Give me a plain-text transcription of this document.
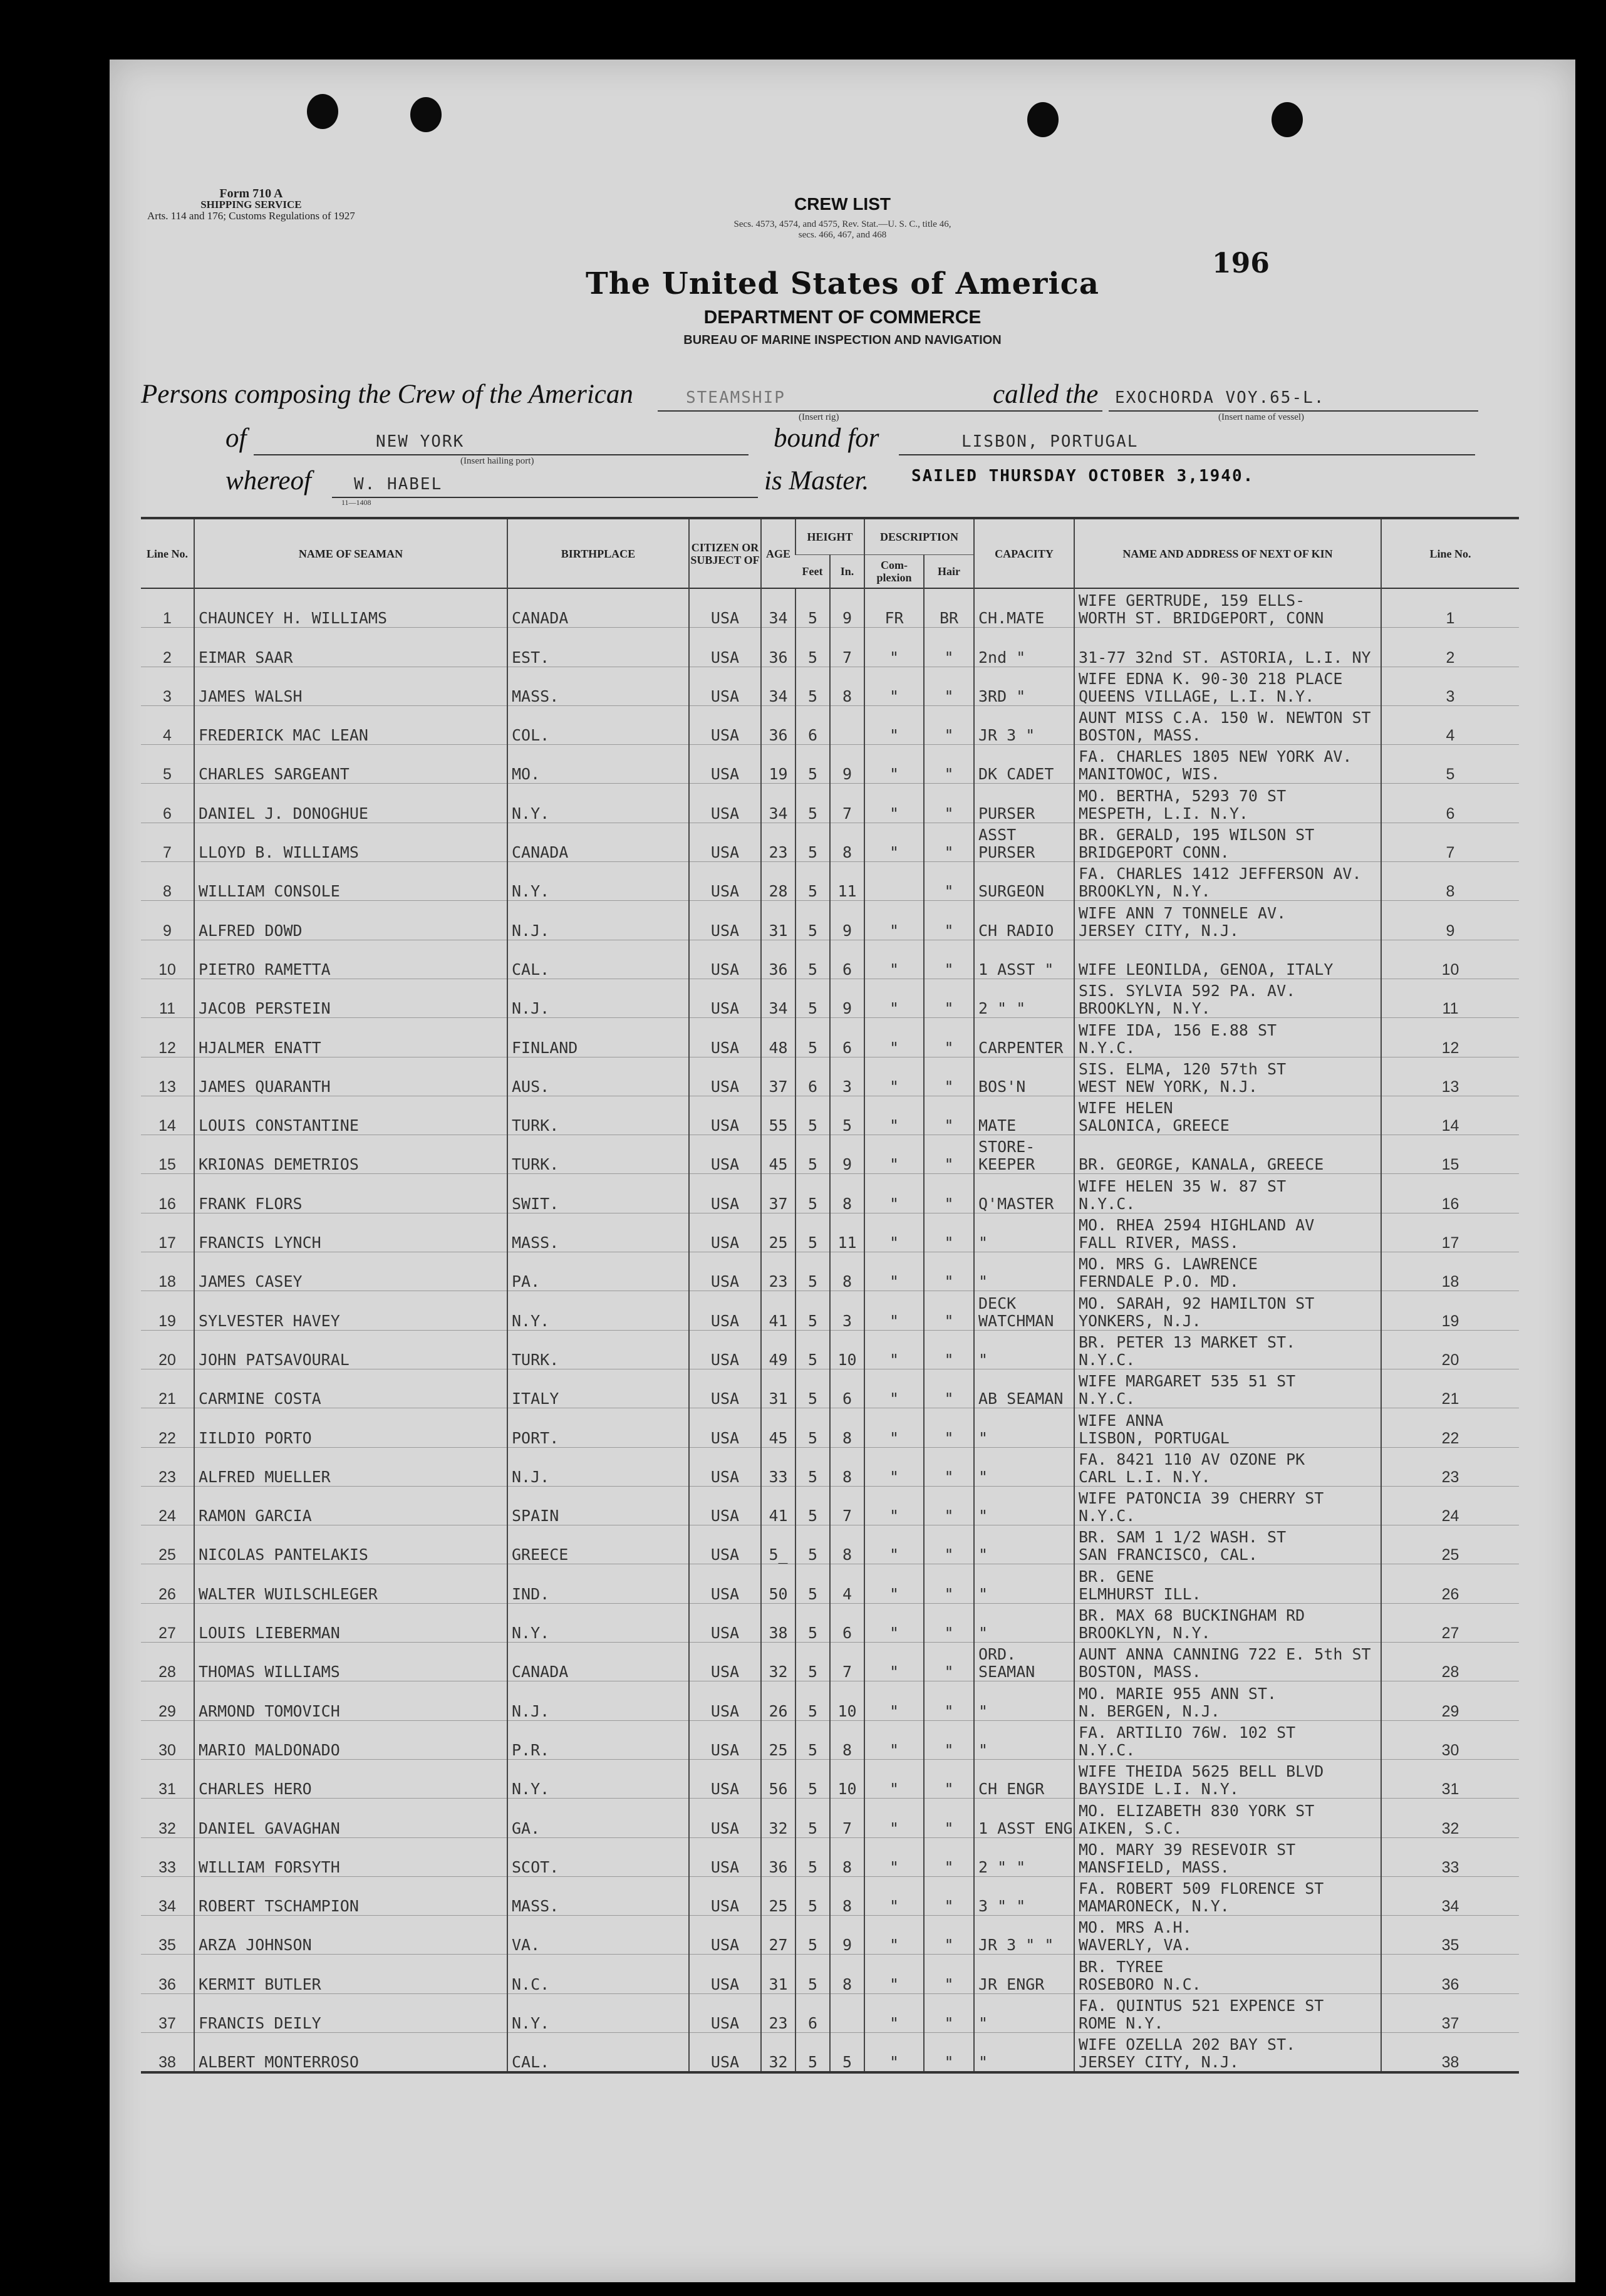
Form 710 A
SHIPPING SERVICE
Arts. 114 and 176; Customs Regulations of 1927
CREW LIST
Secs. 4573, 4574, and 4575, Rev. Stat.—U. S. C., title 46,
secs. 466, 467, and 468
The United States of America
DEPARTMENT OF COMMERCE
BUREAU OF MARINE INSPECTION AND NAVIGATION
196
Persons composing the Crew of the American	STEAMSHIP
(Insert rig)
called the EXOCHORDA VOY.65-L.
(Insert name of vessel)
of	NEW YORK
(Insert hailing port)
bound for	LISBON, PORTUGAL
whereof	W. HABEL	is Master.	SAILED THURSDAY OCTOBER 3,1940.
11—1408
Line No.	NAME OF SEAMAN	BIRTHPLACE	CITIZEN OR SUBJECT OF	AGE	HEIGHT		DESCRIPTION		CAPACITY	NAME AND ADDRESS OF NEXT OF KIN	Line No.
					Feet	In.	Com-plexion	Hair			
1	CHAUNCEY H. WILLIAMS	CANADA	USA	34	5	9	FR	BR	CH.MATE	WIFE GERTRUDE, 159 ELLS-
WORTH ST. BRIDGEPORT, CONN	1
2	EIMAR SAAR	EST.	USA	36	5	7	"	"	2nd "	31-77 32nd ST. ASTORIA, L.I. NY	2
3	JAMES WALSH	MASS.	USA	34	5	8	"	"	3RD "	WIFE EDNA K. 90-30 218 PLACE
QUEENS VILLAGE, L.I. N.Y.	3
4	FREDERICK MAC LEAN	COL.	USA	36	6		"	"	JR 3 "	AUNT MISS C.A. 150 W. NEWTON ST
BOSTON, MASS.	4
5	CHARLES SARGEANT	MO.	USA	19	5	9	"	"	DK CADET	FA. CHARLES 1805 NEW YORK AV.
MANITOWOC, WIS.	5
6	DANIEL J. DONOGHUE	N.Y.	USA	34	5	7	"	"	PURSER	MO. BERTHA, 5293 70 ST
MESPETH, L.I. N.Y.	6
7	LLOYD B. WILLIAMS	CANADA	USA	23	5	8	"	"	ASST
PURSER	BR. GERALD, 195 WILSON ST
BRIDGEPORT CONN.	7
8	WILLIAM CONSOLE	N.Y.	USA	28	5	11		"	SURGEON	FA. CHARLES 1412 JEFFERSON AV.
BROOKLYN, N.Y.	8
9	ALFRED DOWD	N.J.	USA	31	5	9	"	"	CH RADIO	WIFE ANN 7 TONNELE AV.
JERSEY CITY, N.J.	9
10	PIETRO RAMETTA	CAL.	USA	36	5	6	"	"	1 ASST "	WIFE LEONILDA, GENOA, ITALY	10
11	JACOB PERSTEIN	N.J.	USA	34	5	9	"	"	2 " "	SIS. SYLVIA 592 PA. AV.
BROOKLYN, N.Y.	11
12	HJALMER ENATT	FINLAND	USA	48	5	6	"	"	CARPENTER	WIFE IDA, 156 E.88 ST
N.Y.C.	12
13	JAMES QUARANTH	AUS.	USA	37	6	3	"	"	BOS'N	SIS. ELMA, 120 57th ST
WEST NEW YORK, N.J.	13
14	LOUIS CONSTANTINE	TURK.	USA	55	5	5	"	"	MATE	WIFE HELEN
SALONICA, GREECE	14
15	KRIONAS DEMETRIOS	TURK.	USA	45	5	9	"	"	STORE-
KEEPER	BR. GEORGE, KANALA, GREECE	15
16	FRANK FLORS	SWIT.	USA	37	5	8	"	"	Q'MASTER	WIFE HELEN 35 W. 87 ST
N.Y.C.	16
17	FRANCIS LYNCH	MASS.	USA	25	5	11	"	"	"	MO. RHEA 2594 HIGHLAND AV
FALL RIVER, MASS.	17
18	JAMES CASEY	PA.	USA	23	5	8	"	"	"	MO. MRS G. LAWRENCE
FERNDALE P.O. MD.	18
19	SYLVESTER HAVEY	N.Y.	USA	41	5	3	"	"	DECK
WATCHMAN	MO. SARAH, 92 HAMILTON ST
YONKERS, N.J.	19
20	JOHN PATSAVOURAL	TURK.	USA	49	5	10	"	"	"	BR. PETER 13 MARKET ST.
N.Y.C.	20
21	CARMINE COSTA	ITALY	USA	31	5	6	"	"	AB SEAMAN	WIFE MARGARET 535 51 ST
N.Y.C.	21
22	IILDIO PORTO	PORT.	USA	45	5	8	"	"	"	WIFE ANNA
LISBON, PORTUGAL	22
23	ALFRED MUELLER	N.J.	USA	33	5	8	"	"	"	FA. 8421 110 AV OZONE PK
CARL L.I. N.Y.	23
24	RAMON GARCIA	SPAIN	USA	41	5	7	"	"	"	WIFE PATONCIA 39 CHERRY ST
N.Y.C.	24
25	NICOLAS PANTELAKIS	GREECE	USA	5_	5	8	"	"	"	BR. SAM 1 1/2 WASH. ST
SAN FRANCISCO, CAL.	25
26	WALTER WUILSCHLEGER	IND.	USA	50	5	4	"	"	"	BR. GENE
ELMHURST ILL.	26
27	LOUIS LIEBERMAN	N.Y.	USA	38	5	6	"	"	"	BR. MAX 68 BUCKINGHAM RD
BROOKLYN, N.Y.	27
28	THOMAS WILLIAMS	CANADA	USA	32	5	7	"	"	ORD.
SEAMAN	AUNT ANNA CANNING 722 E. 5th ST
BOSTON, MASS.	28
29	ARMOND TOMOVICH	N.J.	USA	26	5	10	"	"	"	MO. MARIE 955 ANN ST.
N. BERGEN, N.J.	29
30	MARIO MALDONADO	P.R.	USA	25	5	8	"	"	"	FA. ARTILIO 76W. 102 ST
N.Y.C.	30
31	CHARLES HERO	N.Y.	USA	56	5	10	"	"	CH ENGR	WIFE THEIDA 5625 BELL BLVD
BAYSIDE L.I. N.Y.	31
32	DANIEL GAVAGHAN	GA.	USA	32	5	7	"	"	1 ASST ENG	MO. ELIZABETH 830 YORK ST
AIKEN, S.C.	32
33	WILLIAM FORSYTH	SCOT.	USA	36	5	8	"	"	2 " "	MO. MARY 39 RESEVOIR ST
MANSFIELD, MASS.	33
34	ROBERT TSCHAMPION	MASS.	USA	25	5	8	"	"	3 " "	FA. ROBERT 509 FLORENCE ST
MAMARONECK, N.Y.	34
35	ARZA JOHNSON	VA.	USA	27	5	9	"	"	JR 3 " "	MO. MRS A.H.
WAVERLY, VA.	35
36	KERMIT BUTLER	N.C.	USA	31	5	8	"	"	JR ENGR	BR. TYREE
ROSEBORO N.C.	36
37	FRANCIS DEILY	N.Y.	USA	23	6		"	"	"	FA. QUINTUS 521 EXPENCE ST
ROME N.Y.	37
38	ALBERT MONTERROSO	CAL.	USA	32	5	5	"	"	"	WIFE OZELLA 202 BAY ST.
JERSEY CITY, N.J.	38
